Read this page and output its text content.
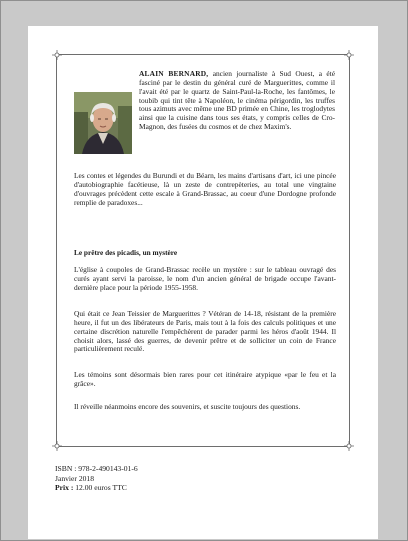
ALAIN BERNARD, ancien journaliste à Sud Ouest, a été fasciné par le destin du général curé de Marguerittes, comme il l'avait été par le quartz de Saint-Paul-la-Roche, les fantômes, le toubib qui tint tête à Napoléon, le cinéma périgordin, les truffes tous azimuts avec même une BD primée en Chine, les troglodytes ainsi que la cuisine dans tous ses états, y compris celles de Cro-Magnon, des fusées du cosmos et de chez Maxim's.
Les contes et légendes du Burundi et du Béarn, les mains d'artisans d'art, ici une pincée d'autobiographie facétieuse, là un zeste de contrepèteries, au total une vingtaine d'ouvrages précèdent cette escale à Grand-Brassac, au coeur d'une Dordogne profonde remplie de paradoxes...
Le prêtre des picadis, un mystère

L'église à coupoles de Grand-Brassac recèle un mystère : sur le tableau ouvragé des curés ayant servi la paroisse, le nom d'un ancien général de brigade occupe l'avant-dernière place pour la période 1955-1958.

Qui était ce Jean Teissier de Marguerittes ? Vétéran de 14-18, résistant de la première heure, il fut un des libérateurs de Paris, mais tout à la fois des calculs politiques et une certaine discrétion naturelle l'empêchèrent de parader parmi les héros d'août 1944. Il choisit alors, lassé des guerres, de devenir prêtre et de solliciter un coin de France particulièrement reculé.

Les témoins sont désormais bien rares pour cet itinéraire atypique «par le feu et la grâce».

Il réveille néanmoins encore des souvenirs, et suscite toujours des questions.

ISBN : 978-2-490143-01-6
Janvier 2018
Prix : 12.00 euros TTC
